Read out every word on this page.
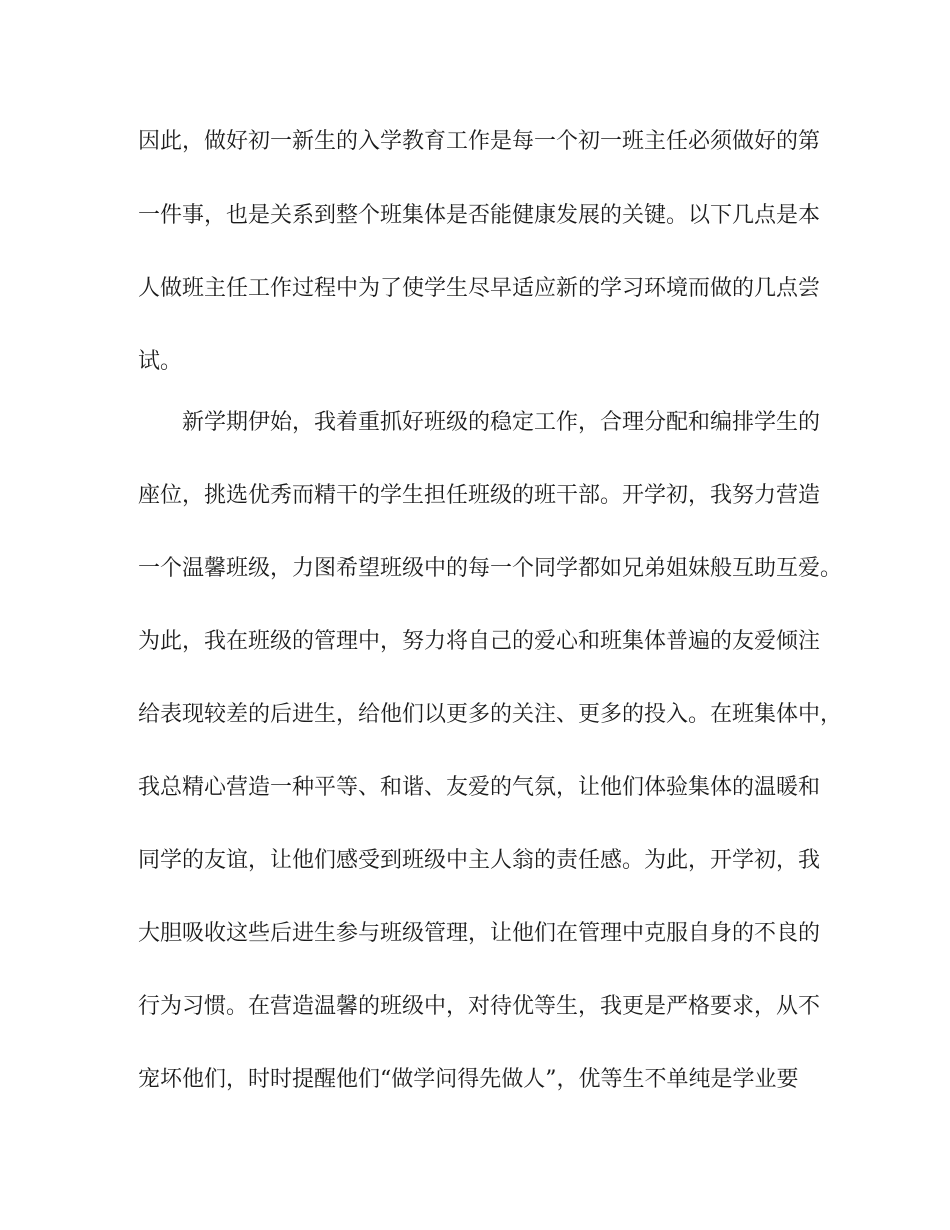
因此，做好初一新生的入学教育工作是每一个初一班主任必须做好的第
一件事，也是关系到整个班集体是否能健康发展的关键。以下几点是本
人做班主任工作过程中为了使学生尽早适应新的学习环境而做的几点尝
试。
新学期伊始，我着重抓好班级的稳定工作，合理分配和编排学生的
座位，挑选优秀而精干的学生担任班级的班干部。开学初，我努力营造
一个温馨班级，力图希望班级中的每一个同学都如兄弟姐妹般互助互爱。
为此，我在班级的管理中，努力将自己的爱心和班集体普遍的友爱倾注
给表现较差的后进生，给他们以更多的关注、更多的投入。在班集体中，
我总精心营造一种平等、和谐、友爱的气氛，让他们体验集体的温暖和
同学的友谊，让他们感受到班级中主人翁的责任感。为此，开学初，我
大胆吸收这些后进生参与班级管理，让他们在管理中克服自身的不良的
行为习惯。在营造温馨的班级中，对待优等生，我更是严格要求，从不
宠坏他们，时时提醒他们“做学问得先做人”，优等生不单纯是学业要
